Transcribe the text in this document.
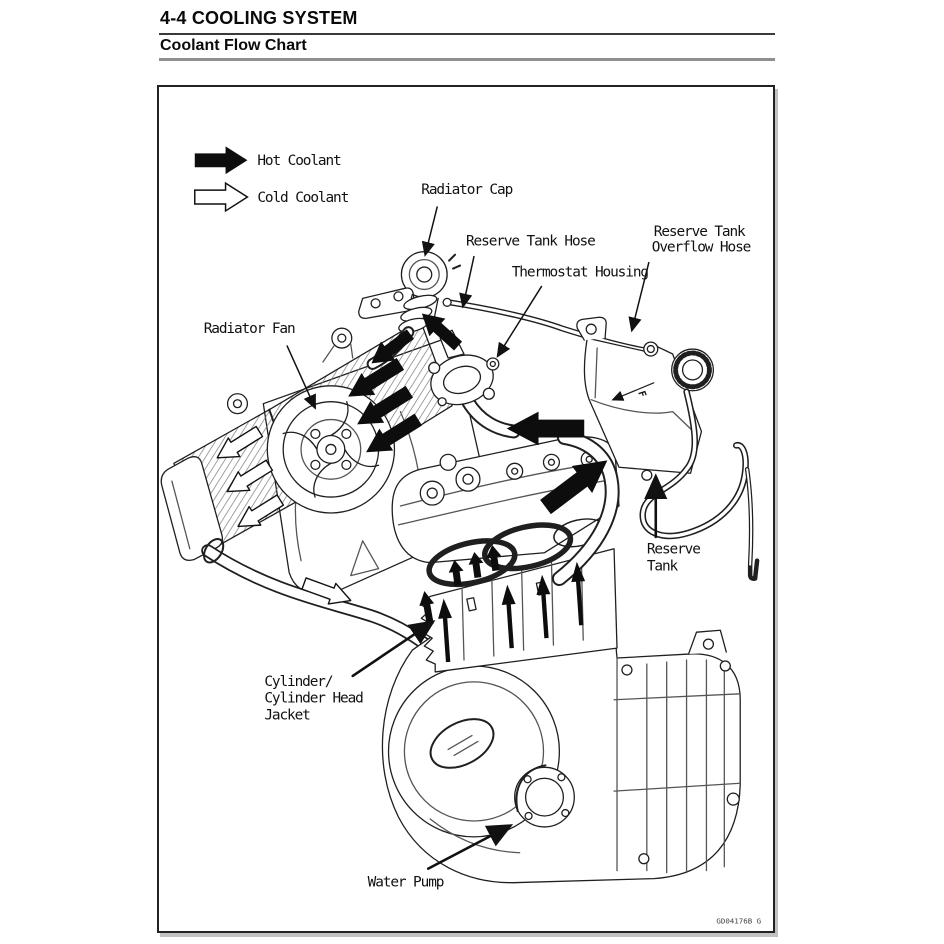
4-4 COOLING SYSTEM
Coolant Flow Chart
Hot Coolant
Cold Coolant	Radiator Cap
Reserve Tank Hose
Thermostat Housing
Reserve Tank
Overflow Hose
Radiator Fan
Reserve
Tank
Cylinder/
Cylinder Head
Jacket
Water Pump
F
GD04176B G
